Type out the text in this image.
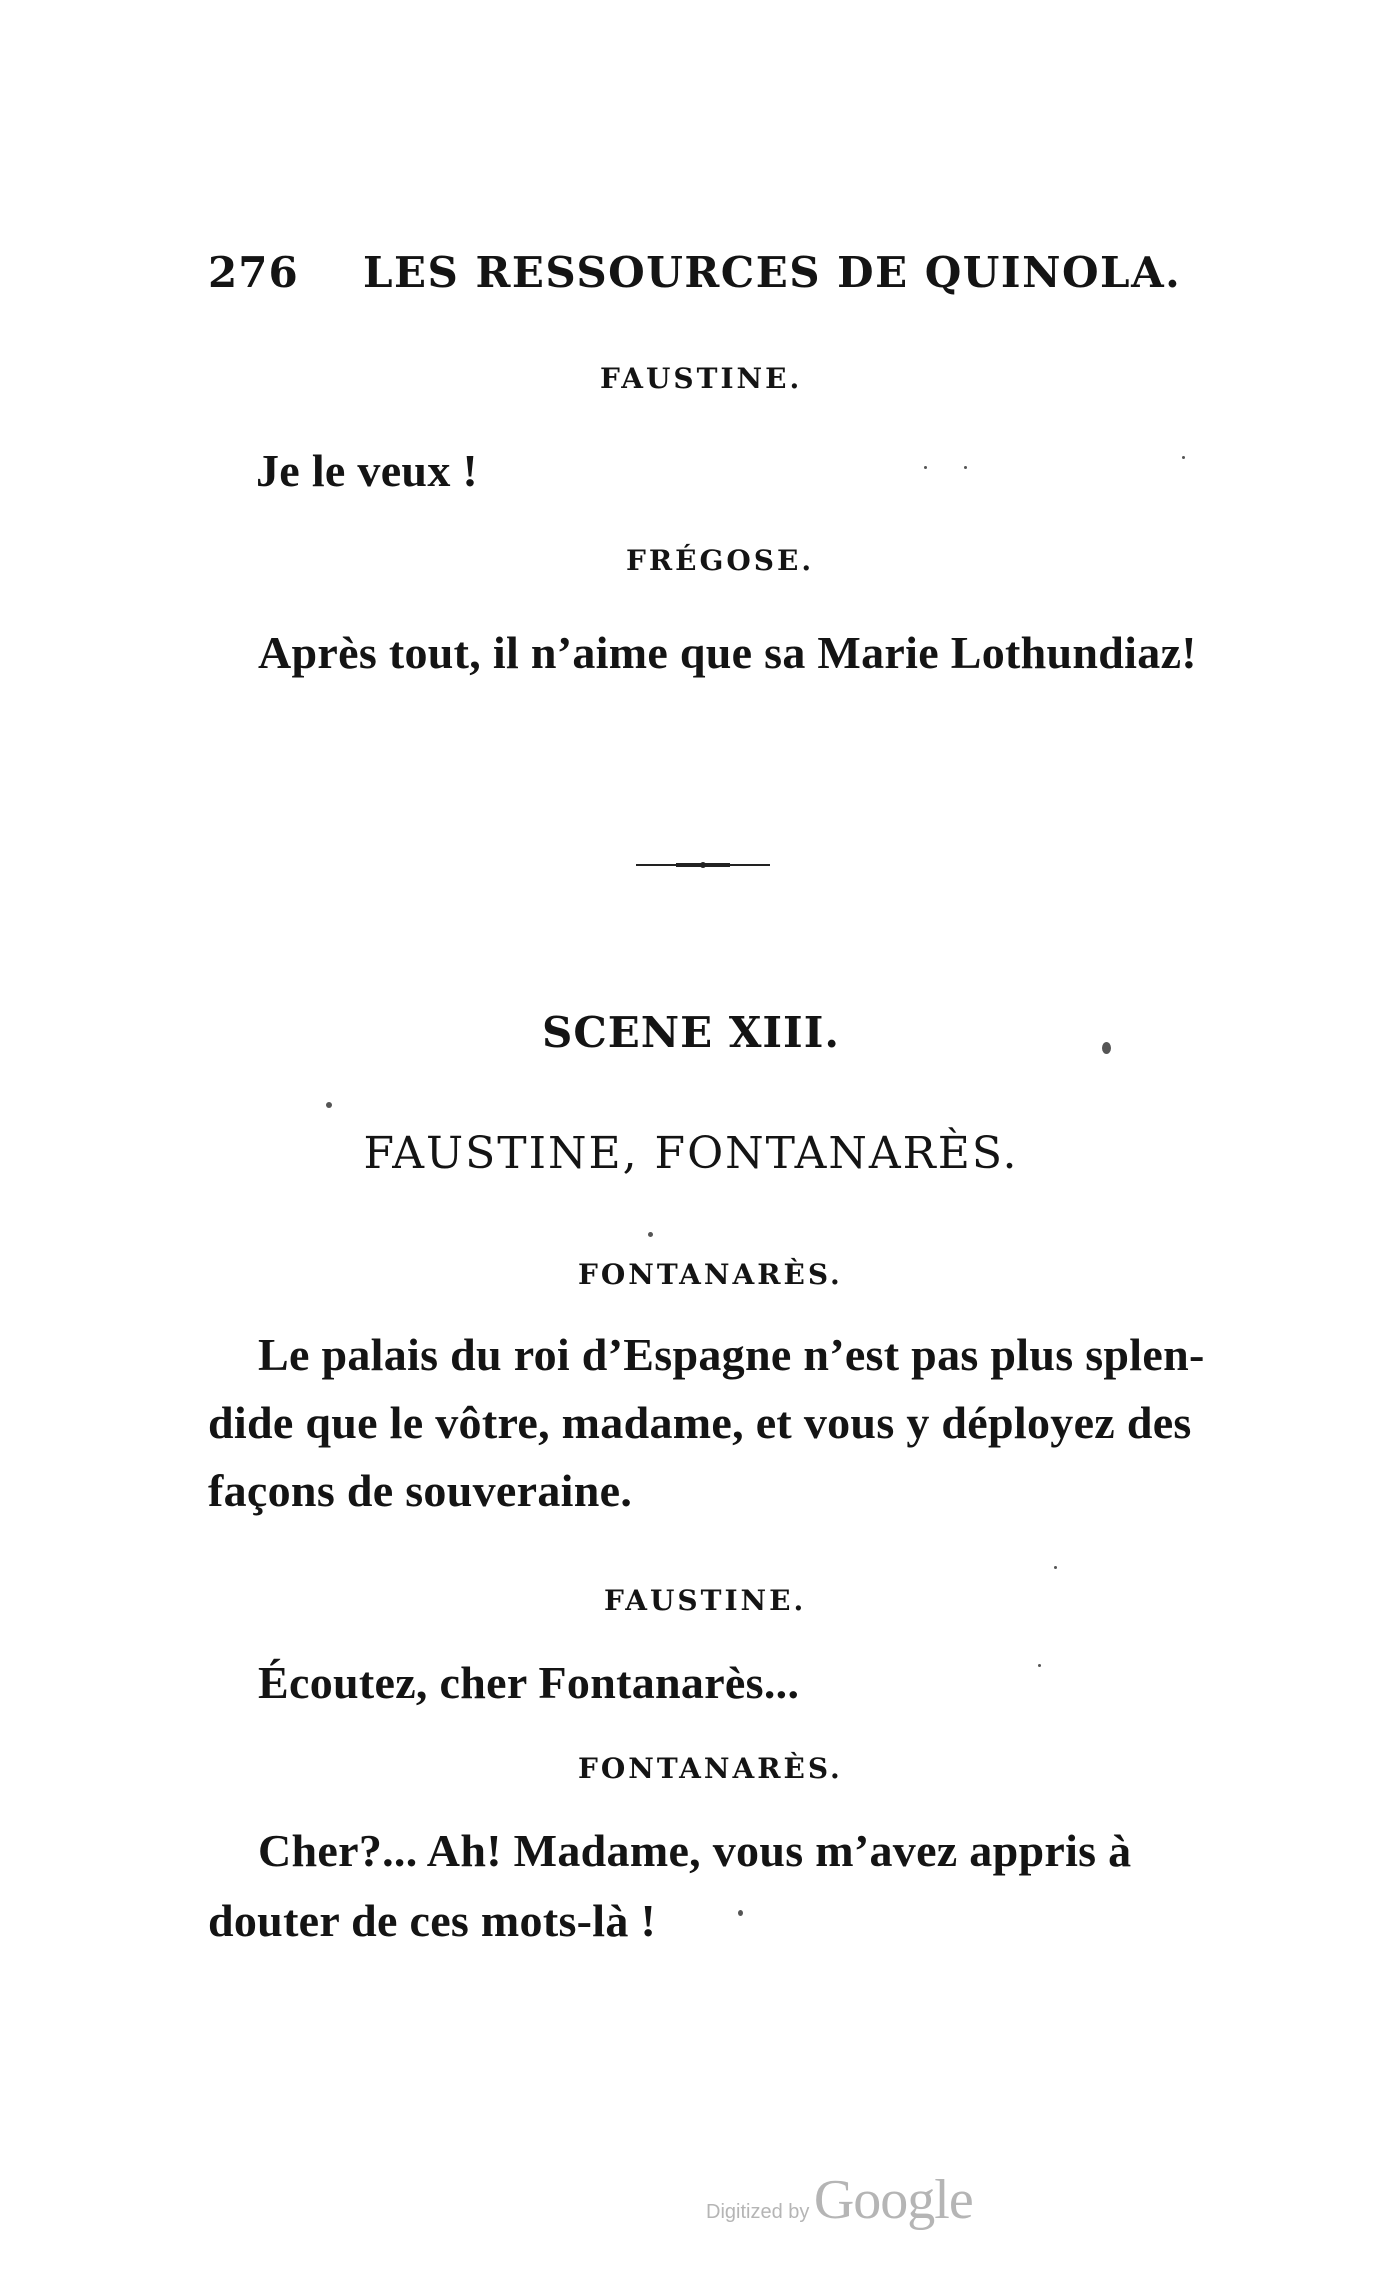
276 LES RESSOURCES DE QUINOLA.
FAUSTINE.
Je le veux !
FRÉGOSE.
Après tout, il n’aime que sa Marie Lothundiaz!
SCENE XIII.
FAUSTINE, FONTANARÈS.
FONTANARÈS.
Le palais du roi d’Espagne n’est pas plus splen-
dide que le vôtre, madame, et vous y déployez des
façons de souveraine.
FAUSTINE.
Écoutez, cher Fontanarès...
FONTANARÈS.
Cher?... Ah! Madame, vous m’avez appris à
douter de ces mots-là !
Digitized by Google
